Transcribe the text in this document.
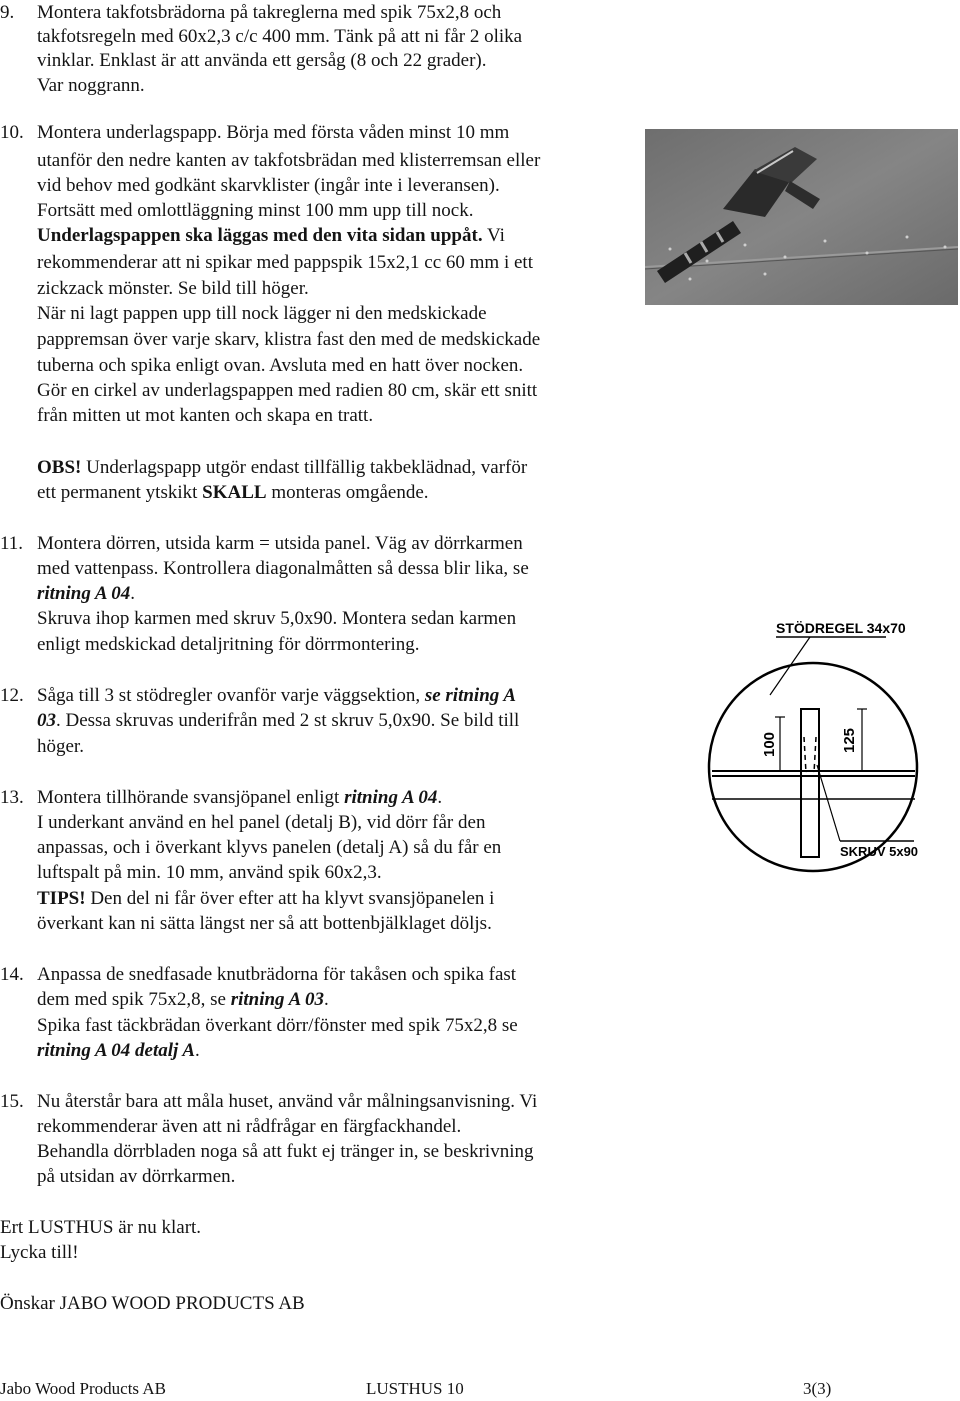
9. Montera takfotsbrädorna på takreglerna med spik 75x2,8 och
takfotsregeln med 60x2,3 c/c 400 mm. Tänk på att ni får 2 olika
vinklar. Enklast är att använda ett gersåg (8 och 22 grader).
Var noggrann.
10. Montera underlagspapp. Börja med första våden minst 10 mm
utanför den nedre kanten av takfotsbrädan med klisterremsan eller
vid behov med godkänt skarvklister (ingår inte i leveransen).
Fortsätt med omlottläggning minst 100 mm upp till nock.
Underlagspappen ska läggas med den vita sidan uppåt. Vi
rekommenderar att ni spikar med pappspik 15x2,1 cc 60 mm i ett
zickzack mönster. Se bild till höger.
När ni lagt pappen upp till nock lägger ni den medskickade
pappremsan över varje skarv, klistra fast den med de medskickade
tuberna och spika enligt ovan. Avsluta med en hatt över nocken.
Gör en cirkel av underlagspappen med radien 80 cm, skär ett snitt
från mitten ut mot kanten och skapa en tratt.
OBS! Underlagspapp utgör endast tillfällig takbeklädnad, varför
ett permanent ytskikt SKALL monteras omgående.
11. Montera dörren, utsida karm = utsida panel. Väg av dörrkarmen
med vattenpass. Kontrollera diagonalmåtten så dessa blir lika, se
ritning A 04.
Skruva ihop karmen med skruv 5,0x90. Montera sedan karmen
enligt medskickad detaljritning för dörrmontering.
12. Såga till 3 st stödregler ovanför varje väggsektion, se ritning A
03. Dessa skruvas underifrån med 2 st skruv 5,0x90. Se bild till
höger.
STÖDREGEL 34x70
100	125
SKRUV 5x90
13. Montera tillhörande svansjöpanel enligt ritning A 04.
I underkant använd en hel panel (detalj B), vid dörr får den
anpassas, och i överkant klyvs panelen (detalj A) så du får en
luftspalt på min. 10 mm, använd spik 60x2,3.
TIPS! Den del ni får över efter att ha klyvt svansjöpanelen i
överkant kan ni sätta längst ner så att bottenbjälklaget döljs.
14. Anpassa de snedfasade knutbrädorna för takåsen och spika fast
dem med spik 75x2,8, se ritning A 03.
Spika fast täckbrädan överkant dörr/fönster med spik 75x2,8 se
ritning A 04 detalj A.
15. Nu återstår bara att måla huset, använd vår målningsanvisning. Vi
rekommenderar även att ni rådfrågar en färgfackhandel.
Behandla dörrbladen noga så att fukt ej tränger in, se beskrivning
på utsidan av dörrkarmen.
Ert LUSTHUS är nu klart.
Lycka till!
Önskar JABO WOOD PRODUCTS AB
Jabo Wood Products AB	LUSTHUS 10	3(3)
